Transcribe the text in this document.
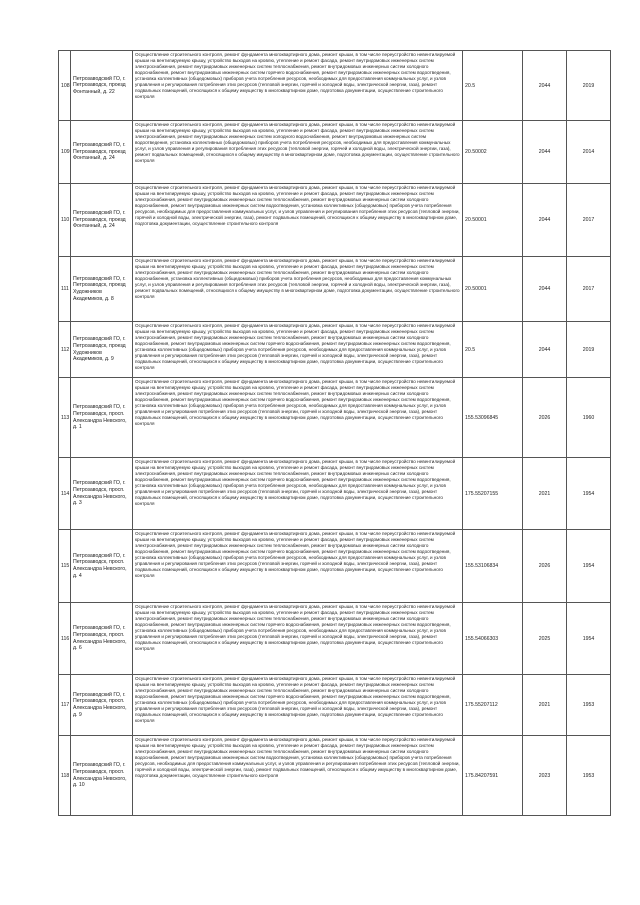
108	Петрозаводский ГО, г. Петрозаводск, проезд Фонтанный, д. 22	Осуществление строительного контроля, ремонт фундамента многоквартирного дома, ремонт крыши, в том числе переустройство невентилируемой крыши на вентилируемую крышу, устройство выходов на кровлю, утепление и ремонт фасада, ремонт внутридомовых инженерных систем электроснабжения, ремонт внутридомовых инженерных систем теплоснабжения, ремонт внутридомовых инженерных систем холодного водоснабжения, ремонт внутридомовых инженерных систем горячего водоснабжения, ремонт внутридомовых инженерных систем водоотведения, установка коллективных (общедомовых) приборов учета потребления ресурсов, необходимых для предоставления коммунальных услуг, и узлов управления и регулирования потребления этих ресурсов (тепловой энергии, горячей и холодной воды, электрической энергии, газа), ремонт подвальных помещений, относящихся к общему имуществу в многоквартирном доме, подготовка документации, осуществление строительного контроля	20.5	2044	2019
109	Петрозаводский ГО, г. Петрозаводск, проезд Фонтанный, д. 24	Осуществление строительного контроля, ремонт фундамента многоквартирного дома, ремонт крыши, в том числе переустройство невентилируемой крыши на вентилируемую крышу, устройство выходов на кровлю, утепление и ремонт фасада, ремонт внутридомовых инженерных систем электроснабжения, ремонт внутридомовых инженерных систем холодного водоснабжения, ремонт внутридомовых инженерных систем водоотведения, установка коллективных (общедомовых) приборов учета потребления ресурсов, необходимых для предоставления коммунальных услуг, и узлов управления и регулирования потребления этих ресурсов (тепловой энергии, горячей и холодной воды, электрической энергии, газа), ремонт подвальных помещений, относящихся к общему имуществу в многоквартирном доме, подготовка документации, осуществление строительного контроля	20.50002	2044	2014
110	Петрозаводский ГО, г. Петрозаводск, проезд Фонтанный, д. 24	Осуществление строительного контроля, ремонт фундамента многоквартирного дома, ремонт крыши, в том числе переустройство невентилируемой крыши на вентилируемую крышу, устройство выходов на кровлю, утепление и ремонт фасада, ремонт внутридомовых инженерных систем электроснабжения, ремонт внутридомовых инженерных систем теплоснабжения, ремонт внутридомовых инженерных систем холодного водоснабжения, ремонт внутридомовых инженерных систем водоотведения, установка коллективных (общедомовых) приборов учета потребления ресурсов, необходимых для предоставления коммунальных услуг, и узлов управления и регулирования потребления этих ресурсов (тепловой энергии, горячей и холодной воды, электрической энергии, газа), ремонт подвальных помещений, относящихся к общему имуществу в многоквартирном доме, подготовка документации, осуществление строительного контроля	20.50001	2044	2017
111	Петрозаводский ГО, г. Петрозаводск, проезд Художников Академиков, д. 8	Осуществление строительного контроля, ремонт фундамента многоквартирного дома, ремонт крыши, в том числе переустройство невентилируемой крыши на вентилируемую крышу, устройство выходов на кровлю, утепление и ремонт фасада, ремонт внутридомовых инженерных систем электроснабжения, ремонт внутридомовых инженерных систем теплоснабжения, ремонт внутридомовых инженерных систем холодного водоснабжения, установка коллективных (общедомовых) приборов учета потребления ресурсов, необходимых для предоставления коммунальных услуг, и узлов управления и регулирования потребления этих ресурсов (тепловой энергии, горячей и холодной воды, электрической энергии, газа), ремонт подвальных помещений, относящихся к общему имуществу в многоквартирном доме, подготовка документации, осуществление строительного контроля	20.50001	2044	2017
112	Петрозаводский ГО, г. Петрозаводск, проезд Художников Академиков, д. 9	Осуществление строительного контроля, ремонт фундамента многоквартирного дома, ремонт крыши, в том числе переустройство невентилируемой крыши на вентилируемую крышу, устройство выходов на кровлю, утепление и ремонт фасада, ремонт внутридомовых инженерных систем электроснабжения, ремонт внутридомовых инженерных систем теплоснабжения, ремонт внутридомовых инженерных систем холодного водоснабжения, ремонт внутридомовых инженерных систем горячего водоснабжения, ремонт внутридомовых инженерных систем водоотведения, установка коллективных (общедомовых) приборов учета потребления ресурсов, необходимых для предоставления коммунальных услуг, и узлов управления и регулирования потребления этих ресурсов (тепловой энергии, горячей и холодной воды, электрической энергии, газа), ремонт подвальных помещений, относящихся к общему имуществу в многоквартирном доме, подготовка документации, осуществление строительного контроля	20.5	2044	2019
113	Петрозаводский ГО, г. Петрозаводск, просп. Александра Невского, д. 1	Осуществление строительного контроля, ремонт фундамента многоквартирного дома, ремонт крыши, в том числе переустройство невентилируемой крыши на вентилируемую крышу, устройство выходов на кровлю, утепление и ремонт фасада, ремонт внутридомовых инженерных систем электроснабжения, ремонт внутридомовых инженерных систем теплоснабжения, ремонт внутридомовых инженерных систем холодного водоснабжения, ремонт внутридомовых инженерных систем горячего водоснабжения, ремонт внутридомовых инженерных систем водоотведения, установка коллективных (общедомовых) приборов учета потребления ресурсов, необходимых для предоставления коммунальных услуг, и узлов управления и регулирования потребления этих ресурсов (тепловой энергии, горячей и холодной воды, электрической энергии, газа), ремонт подвальных помещений, относящихся к общему имуществу в многоквартирном доме, подготовка документации, осуществление строительного контроля	155.53096845	2026	1960
114	Петрозаводский ГО, г. Петрозаводск, просп. Александра Невского, д. 3	Осуществление строительного контроля, ремонт фундамента многоквартирного дома, ремонт крыши, в том числе переустройство невентилируемой крыши на вентилируемую крышу, устройство выходов на кровлю, утепление и ремонт фасада, ремонт внутридомовых инженерных систем электроснабжения, ремонт внутридомовых инженерных систем теплоснабжения, ремонт внутридомовых инженерных систем холодного водоснабжения, ремонт внутридомовых инженерных систем горячего водоснабжения, ремонт внутридомовых инженерных систем водоотведения, установка коллективных (общедомовых) приборов учета потребления ресурсов, необходимых для предоставления коммунальных услуг, и узлов управления и регулирования потребления этих ресурсов (тепловой энергии, горячей и холодной воды, электрической энергии, газа), ремонт подвальных помещений, относящихся к общему имуществу в многоквартирном доме, подготовка документации, осуществление строительного контроля	175.55207155	2021	1954
115	Петрозаводский ГО, г. Петрозаводск, просп. Александра Невского, д. 4	Осуществление строительного контроля, ремонт фундамента многоквартирного дома, ремонт крыши, в том числе переустройство невентилируемой крыши на вентилируемую крышу, устройство выходов на кровлю, утепление и ремонт фасада, ремонт внутридомовых инженерных систем электроснабжения, ремонт внутридомовых инженерных систем теплоснабжения, ремонт внутридомовых инженерных систем холодного водоснабжения, ремонт внутридомовых инженерных систем горячего водоснабжения, ремонт внутридомовых инженерных систем водоотведения, установка коллективных (общедомовых) приборов учета потребления ресурсов, необходимых для предоставления коммунальных услуг, и узлов управления и регулирования потребления этих ресурсов (тепловой энергии, горячей и холодной воды, электрической энергии, газа), ремонт подвальных помещений, относящихся к общему имуществу в многоквартирном доме, подготовка документации, осуществление строительного контроля	155.53106834	2026	1954
116	Петрозаводский ГО, г. Петрозаводск, просп. Александра Невского, д. 6	Осуществление строительного контроля, ремонт фундамента многоквартирного дома, ремонт крыши, в том числе переустройство невентилируемой крыши на вентилируемую крышу, устройство выходов на кровлю, утепление и ремонт фасада, ремонт внутридомовых инженерных систем электроснабжения, ремонт внутридомовых инженерных систем теплоснабжения, ремонт внутридомовых инженерных систем холодного водоснабжения, ремонт внутридомовых инженерных систем горячего водоснабжения, ремонт внутридомовых инженерных систем водоотведения, установка коллективных (общедомовых) приборов учета потребления ресурсов, необходимых для предоставления коммунальных услуг, и узлов управления и регулирования потребления этих ресурсов (тепловой энергии, горячей и холодной воды, электрической энергии, газа), ремонт подвальных помещений, относящихся к общему имуществу в многоквартирном доме, подготовка документации, осуществление строительного контроля	155.54066303	2025	1954
117	Петрозаводский ГО, г. Петрозаводск, просп. Александра Невского, д. 9	Осуществление строительного контроля, ремонт фундамента многоквартирного дома, ремонт крыши, в том числе переустройство невентилируемой крыши на вентилируемую крышу, устройство выходов на кровлю, утепление и ремонт фасада, ремонт внутридомовых инженерных систем электроснабжения, ремонт внутридомовых инженерных систем теплоснабжения, ремонт внутридомовых инженерных систем холодного водоснабжения, ремонт внутридомовых инженерных систем горячего водоснабжения, ремонт внутридомовых инженерных систем водоотведения, установка коллективных (общедомовых) приборов учета потребления ресурсов, необходимых для предоставления коммунальных услуг, и узлов управления и регулирования потребления этих ресурсов (тепловой энергии, горячей и холодной воды, электрической энергии, газа), ремонт подвальных помещений, относящихся к общему имуществу в многоквартирном доме, подготовка документации, осуществление строительного контроля	175.55207112	2021	1953
118	Петрозаводский ГО, г. Петрозаводск, просп. Александра Невского, д. 10	Осуществление строительного контроля, ремонт фундамента многоквартирного дома, ремонт крыши, в том числе переустройство невентилируемой крыши на вентилируемую крышу, устройство выходов на кровлю, утепление и ремонт фасада, ремонт внутридомовых инженерных систем электроснабжения, ремонт внутридомовых инженерных систем теплоснабжения, ремонт внутридомовых инженерных систем холодного водоснабжения, ремонт внутридомовых инженерных систем водоотведения, установка коллективных (общедомовых) приборов учета потребления ресурсов, необходимых для предоставления коммунальных услуг, и узлов управления и регулирования потребления этих ресурсов (тепловой энергии, горячей и холодной воды, электрической энергии, газа), ремонт подвальных помещений, относящихся к общему имуществу в многоквартирном доме, подготовка документации, осуществление строительного контроля	175.84207591	2023	1953
